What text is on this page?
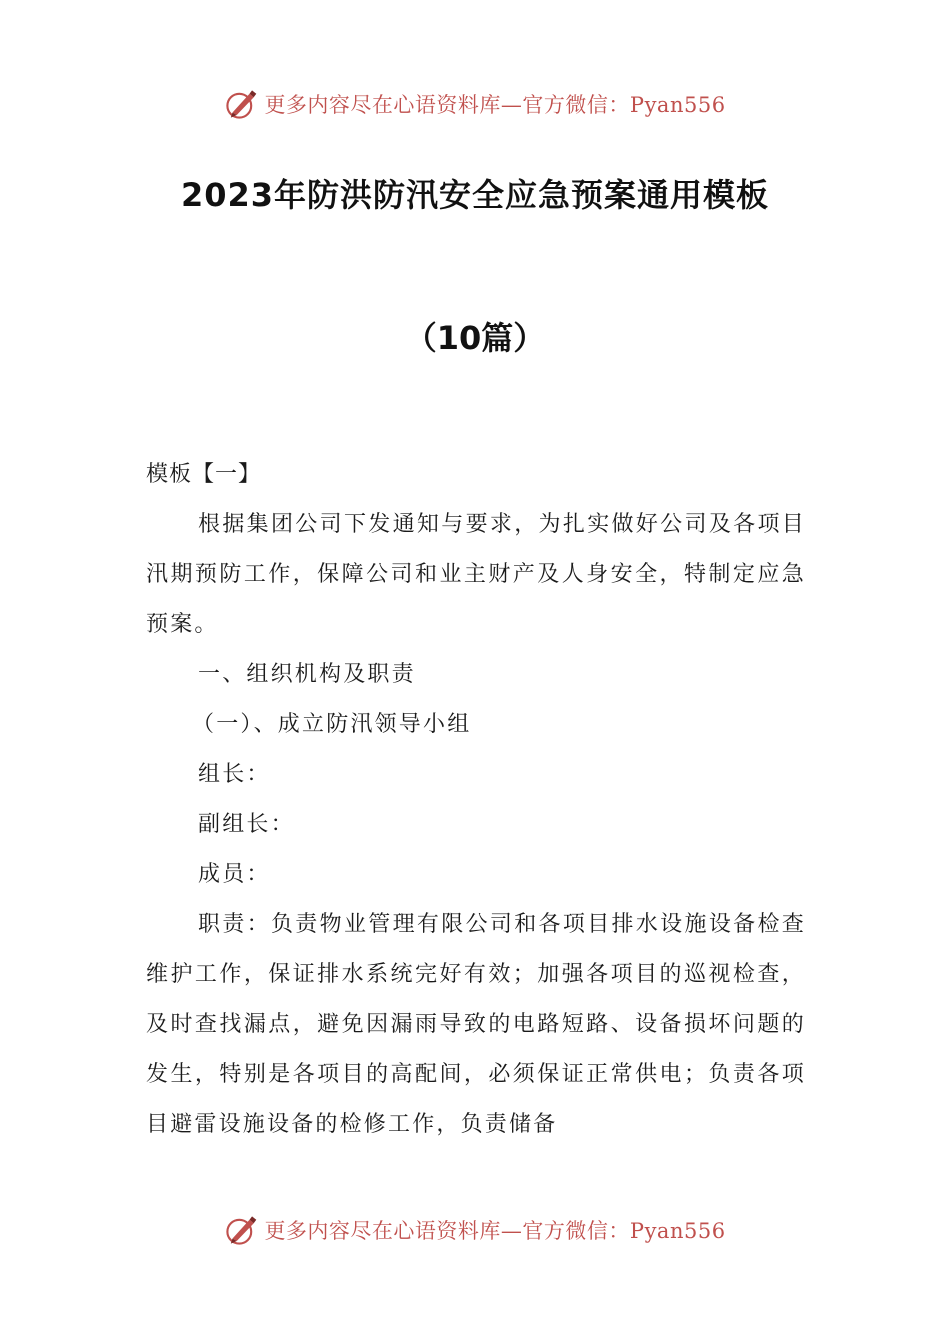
更多内容尽在心语资料库—官方微信：Pyan556
2023年防洪防汛安全应急预案通用模板
（10篇）

模板【一】

根据集团公司下发通知与要求，为扎实做好公司及各项目汛期预防工作，保障公司和业主财产及人身安全，特制定应急预案。

一、组织机构及职责

（一）、成立防汛领导小组

组长：

副组长：

成员：

职责：负责物业管理有限公司和各项目排水设施设备检查维护工作，保证排水系统完好有效；加强各项目的巡视检查，及时查找漏点，避免因漏雨导致的电路短路、设备损坏问题的发生，特别是各项目的高配间，必须保证正常供电；负责各项目避雷设施设备的检修工作，负责储备

更多内容尽在心语资料库—官方微信：Pyan556
